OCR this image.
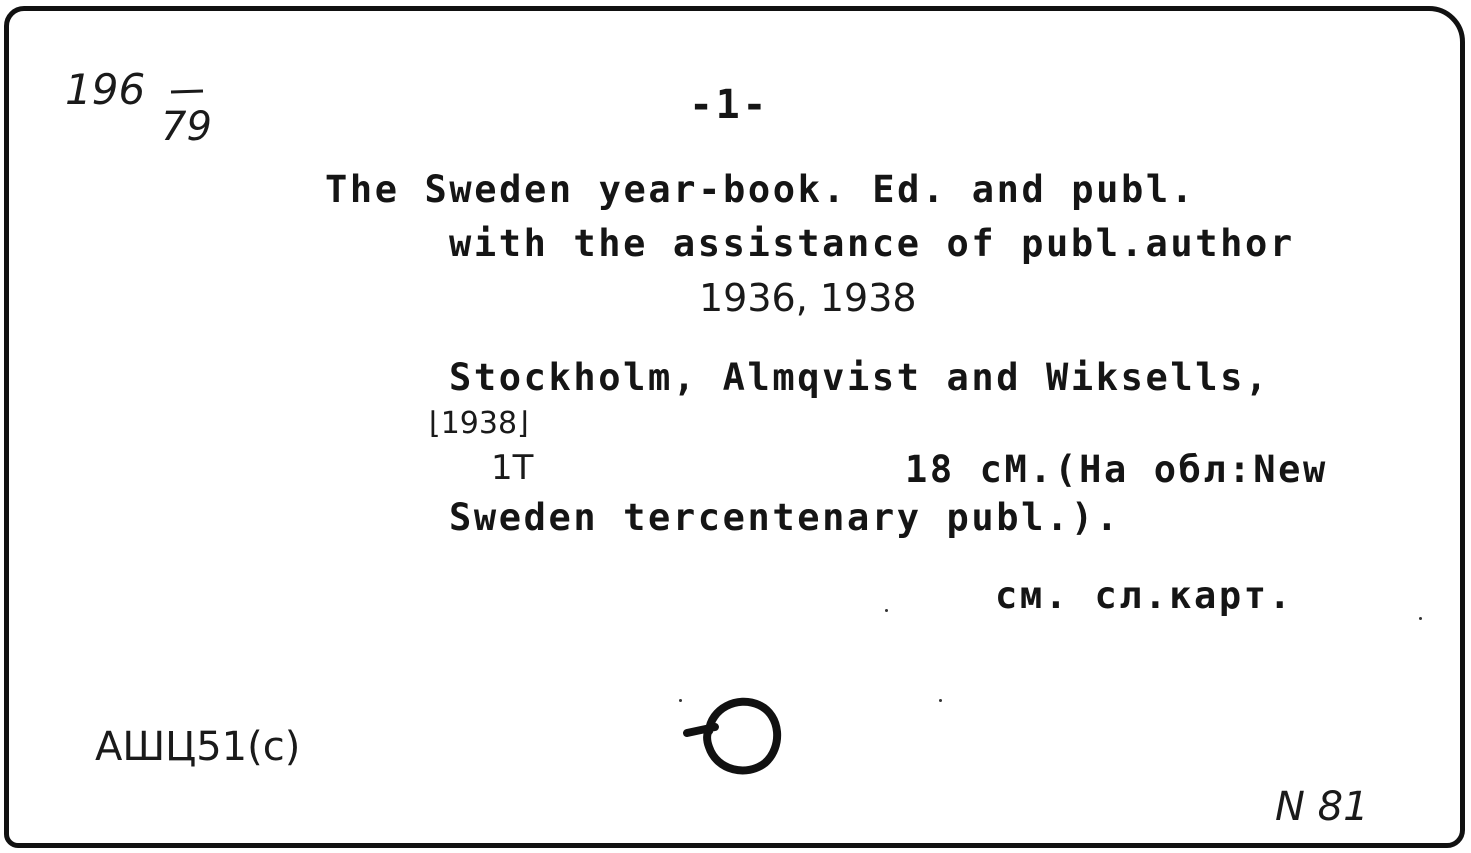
196
79	-1-
The Sweden year-book. Ed. and publ.
with the assistance of publ.author
1936, 1938
Stockholm, Almqvist and Wiksells,
⌊1938⌋
1T	18 cM.(Ha обл:New
Sweden tercentenary publ.).
cм. cл.карт.
АШЦ51(с)
N 81
